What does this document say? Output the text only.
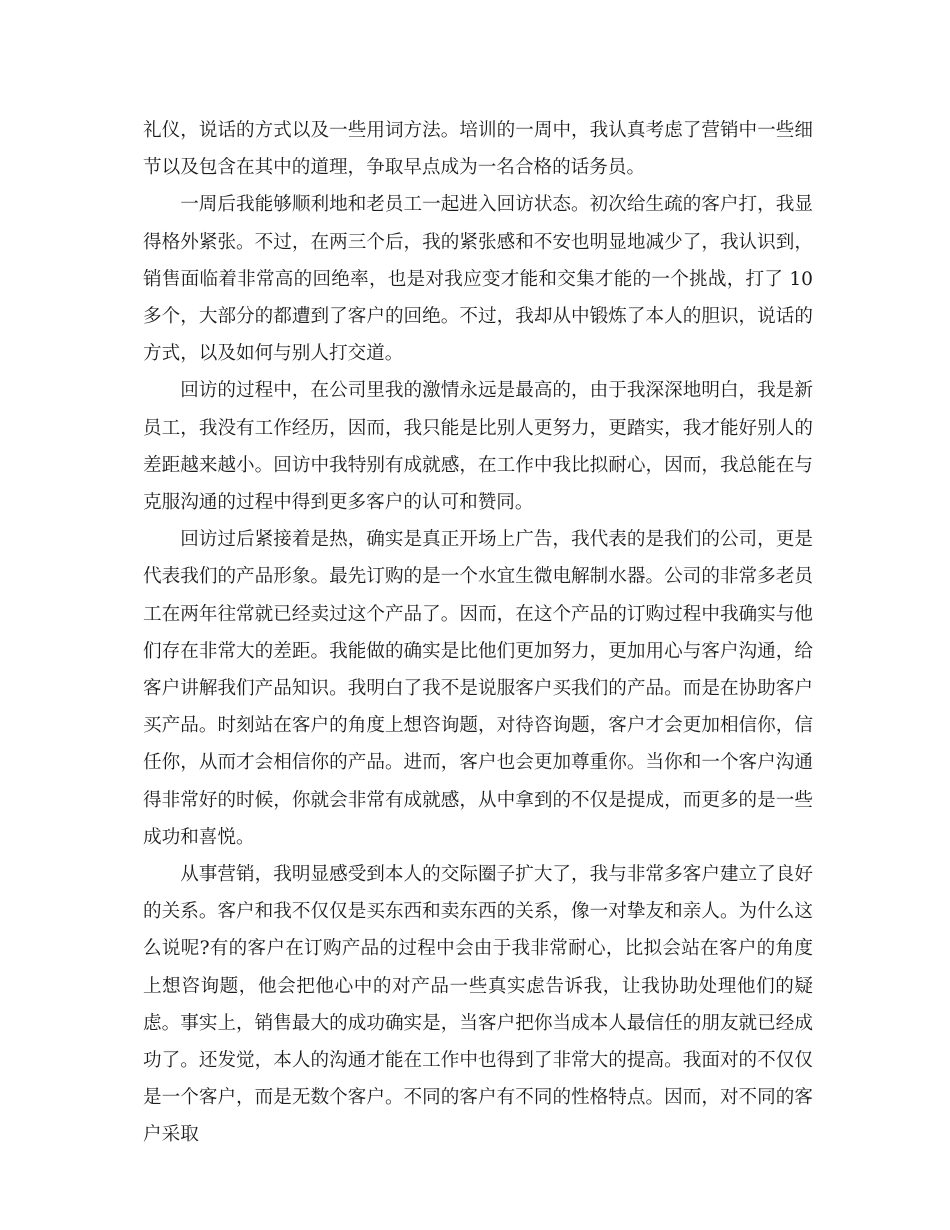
礼仪，说话的方式以及一些用词方法。培训的一周中，我认真考虑了营销中一些细节以及包含在其中的道理，争取早点成为一名合格的话务员。

一周后我能够顺利地和老员工一起进入回访状态。初次给生疏的客户打，我显得格外紧张。不过，在两三个后，我的紧张感和不安也明显地减少了，我认识到，销售面临着非常高的回绝率，也是对我应变才能和交集才能的一个挑战，打了 10 多个，大部分的都遭到了客户的回绝。不过，我却从中锻炼了本人的胆识，说话的方式，以及如何与别人打交道。

回访的过程中，在公司里我的激情永远是最高的，由于我深深地明白，我是新员工，我没有工作经历，因而，我只能是比别人更努力，更踏实，我才能好别人的差距越来越小。回访中我特别有成就感，在工作中我比拟耐心，因而，我总能在与克服沟通的过程中得到更多客户的认可和赞同。

回访过后紧接着是热，确实是真正开场上广告，我代表的是我们的公司，更是代表我们的产品形象。最先订购的是一个水宜生微电解制水器。公司的非常多老员工在两年往常就已经卖过这个产品了。因而，在这个产品的订购过程中我确实与他们存在非常大的差距。我能做的确实是比他们更加努力，更加用心与客户沟通，给客户讲解我们产品知识。我明白了我不是说服客户买我们的产品。而是在协助客户买产品。时刻站在客户的角度上想咨询题，对待咨询题，客户才会更加相信你，信任你，从而才会相信你的产品。进而，客户也会更加尊重你。当你和一个客户沟通得非常好的时候，你就会非常有成就感，从中拿到的不仅是提成，而更多的是一些成功和喜悦。

从事营销，我明显感受到本人的交际圈子扩大了，我与非常多客户建立了良好的关系。客户和我不仅仅是买东西和卖东西的关系，像一对挚友和亲人。为什么这么说呢?有的客户在订购产品的过程中会由于我非常耐心，比拟会站在客户的角度上想咨询题，他会把他心中的对产品一些真实虑告诉我，让我协助处理他们的疑虑。事实上，销售最大的成功确实是，当客户把你当成本人最信任的朋友就已经成功了。还发觉，本人的沟通才能在工作中也得到了非常大的提高。我面对的不仅仅是一个客户，而是无数个客户。不同的客户有不同的性格特点。因而，对不同的客户采取
